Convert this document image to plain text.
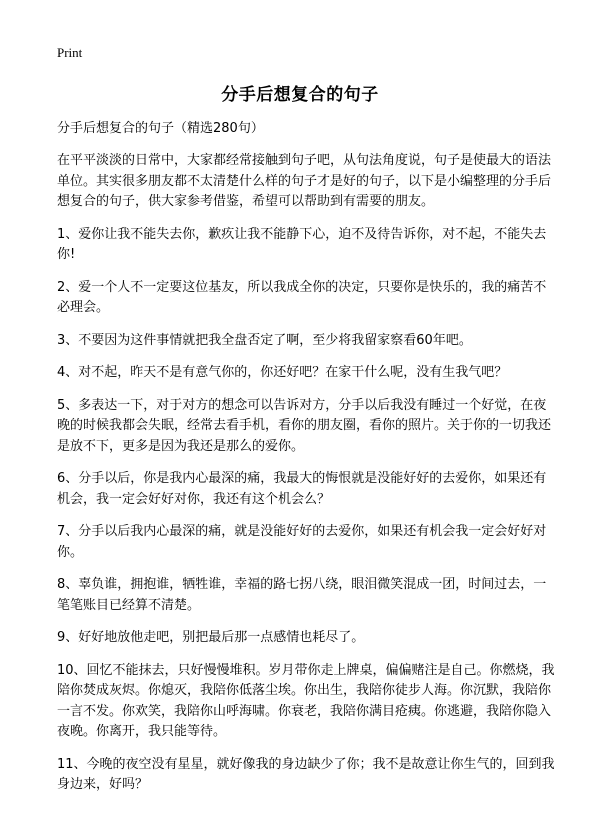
Print
分手后想复合的句子

分手后想复合的句子（精选280句）

在平平淡淡的日常中，大家都经常接触到句子吧，从句法角度说，句子是使最大的语法单位。其实很多朋友都不太清楚什么样的句子才是好的句子，以下是小编整理的分手后想复合的句子，供大家参考借鉴，希望可以帮助到有需要的朋友。

1、爱你让我不能失去你，歉疚让我不能静下心，迫不及待告诉你，对不起，不能失去你!

2、爱一个人不一定要这位基友，所以我成全你的决定，只要你是快乐的，我的痛苦不必理会。

3、不要因为这件事情就把我全盘否定了啊，至少将我留家察看60年吧。

4、对不起，昨天不是有意气你的，你还好吧？在家干什么呢，没有生我气吧？

5、多表达一下，对于对方的想念可以告诉对方，分手以后我没有睡过一个好觉，在夜晚的时候我都会失眠，经常去看手机，看你的朋友圈，看你的照片。关于你的一切我还是放不下，更多是因为我还是那么的爱你。

6、分手以后，你是我内心最深的痛，我最大的悔恨就是没能好好的去爱你，如果还有机会，我一定会好好对你，我还有这个机会么？

7、分手以后我内心最深的痛，就是没能好好的去爱你，如果还有机会我一定会好好对你。

8、辜负谁，拥抱谁，牺牲谁，幸福的路七拐八绕，眼泪微笑混成一团，时间过去，一笔笔账目已经算不清楚。

9、好好地放他走吧，别把最后那一点感情也耗尽了。

10、回忆不能抹去，只好慢慢堆积。岁月带你走上牌桌，偏偏赌注是自己。你燃烧，我陪你焚成灰烬。你熄灭，我陪你低落尘埃。你出生，我陪你徒步人海。你沉默，我陪你一言不发。你欢笑，我陪你山呼海啸。你衰老，我陪你满目疮痍。你逃避，我陪你隐入夜晚。你离开，我只能等待。

11、今晚的夜空没有星星，就好像我的身边缺少了你；我不是故意让你生气的，回到我身边来，好吗？
